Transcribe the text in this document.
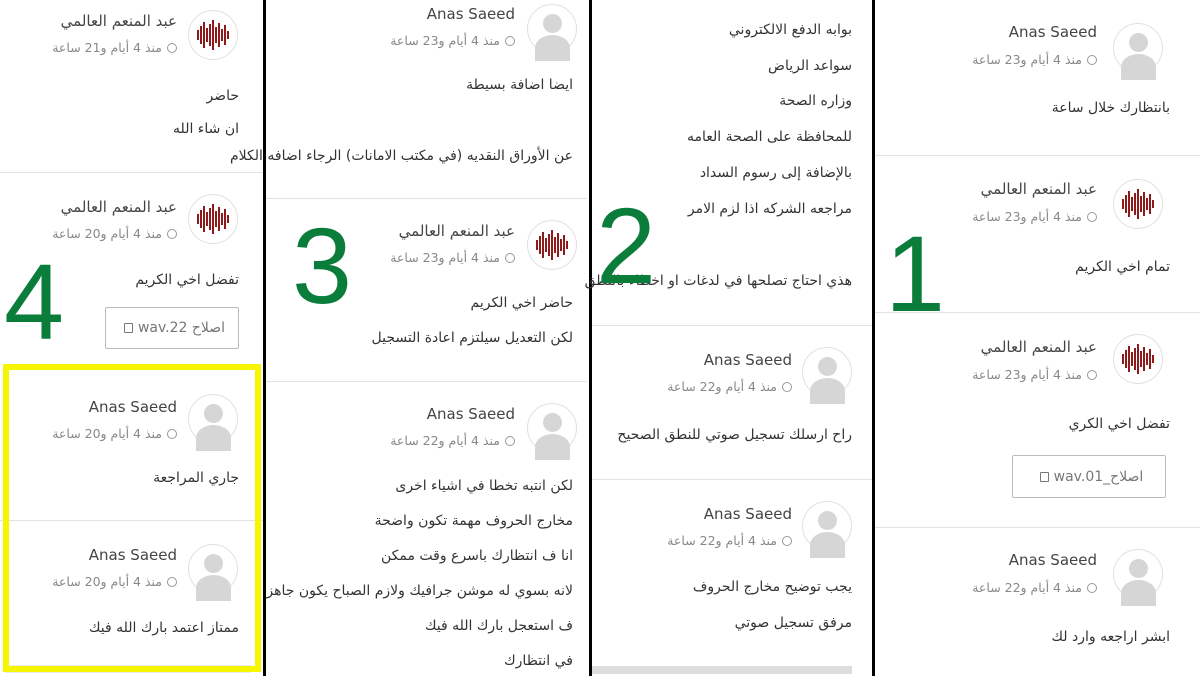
عبد المنعم العالمي
منذ 4 أيام و21 ساعة
حاضر
ان شاء الله
عبد المنعم العالمي
منذ 4 أيام و20 ساعة
تفضل اخي الكريم
wav.22 اصلاح
4
Anas Saeed
منذ 4 أيام و20 ساعة
جاري المراجعة
Anas Saeed
منذ 4 أيام و20 ساعة
ممتاز اعتمد بارك الله فيك
Anas Saeed
منذ 4 أيام و23 ساعة
ايضا اضافة بسيطة
عن الأوراق النقديه (في مكتب الامانات) الرجاء اضافه الكلام
عبد المنعم العالمي
منذ 4 أيام و23 ساعة
حاضر اخي الكريم
لكن التعديل سيلتزم اعادة التسجيل
3
Anas Saeed
منذ 4 أيام و22 ساعة
لكن انتبه تخطا في اشياء اخرى
مخارج الحروف مهمة تكون واضحة
انا ف انتظارك باسرع وقت ممكن
لانه بسوي له موشن جرافيك ولازم الصباح يكون جاهز
ف استعجل بارك الله فيك
في انتظارك
بوابه الدفع الالكتروني
سواعد الرياض
وزاره الصحة
للمحافظة على الصحة العامه
بالإضافة إلى رسوم السداد
مراجعه الشركه اذا لزم الامر
هذي احتاج تصلحها في لدغات او اخطاء بالنطق
2
Anas Saeed
منذ 4 أيام و22 ساعة
راح ارسلك تسجيل صوتي للنطق الصحيح
Anas Saeed
منذ 4 أيام و22 ساعة
يجب توضيح مخارج الحروف
مرفق تسجيل صوتي
Anas Saeed
منذ 4 أيام و23 ساعة
بانتظارك خلال ساعة
عبد المنعم العالمي
منذ 4 أيام و23 ساعة
تمام اخي الكريم
1
عبد المنعم العالمي
منذ 4 أيام و23 ساعة
تفضل اخي الكري
wav.01_اصلاح
Anas Saeed
منذ 4 أيام و22 ساعة
ابشر اراجعه وارد لك
